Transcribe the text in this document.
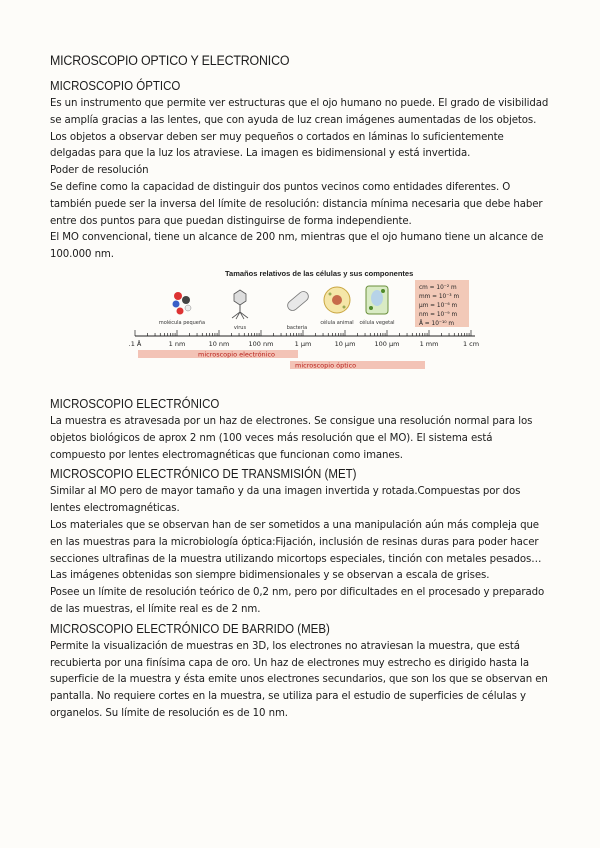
MICROSCOPIO OPTICO Y ELECTRONICO
MICROSCOPIO ÓPTICO

Es un instrumento que permite ver estructuras que el ojo humano no puede. El grado de visibilidad se amplía gracias a las lentes, que con ayuda de luz crean imágenes aumentadas de los objetos. Los objetos a observar deben ser muy pequeños o cortados en láminas lo suficientemente delgadas para que la luz los atraviese. La imagen es bidimensional y está invertida.

Poder de resolución

Se define como la capacidad de distinguir dos puntos vecinos como entidades diferentes. O también puede ser la inversa del límite de resolución: distancia mínima necesaria que debe haber entre dos puntos para que puedan distinguirse de forma independiente.

El MO convencional, tiene un alcance de 200 nm, mientras que el ojo humano tiene un alcance de 100.000 nm.

Tamaños relativos de las células y sus componentes
molécula pequeña
virus	bacteria
célula animal célula vegetal
cm = 10⁻² m
mm = 10⁻³ m
µm = 10⁻⁶ m
nm = 10⁻⁹ m
Å = 10⁻¹⁰ m
.1 Å	1 nm	10 nm	100 nm	1 µm	10 µm	100 µm	1 mm	1 cm
microscopio electrónico
microscopio óptico
MICROSCOPIO ELECTRÓNICO

La muestra es atravesada por un haz de electrones. Se consigue una resolución normal para los objetos biológicos de aprox 2 nm (100 veces más resolución que el MO). El sistema está compuesto por lentes electromagnéticas que funcionan como imanes.

MICROSCOPIO ELECTRÓNICO DE TRANSMISIÓN (MET)

Similar al MO pero de mayor tamaño y da una imagen invertida y rotada.Compuestas por dos lentes electromagnéticas.

Los materiales que se observan han de ser sometidos a una manipulación aún más compleja que en las muestras para la microbiología óptica:Fijación, inclusión de resinas duras para poder hacer secciones ultrafinas de la muestra utilizando micortops especiales, tinción con metales pesados… Las imágenes obtenidas son siempre bidimensionales y se observan a escala de grises.

Posee un límite de resolución teórico de 0,2 nm, pero por dificultades en el procesado y preparado de las muestras, el límite real es de 2 nm.

MICROSCOPIO ELECTRÓNICO DE BARRIDO (MEB)

Permite la visualización de muestras en 3D, los electrones no atraviesan la muestra, que está recubierta por una finísima capa de oro. Un haz de electrones muy estrecho es dirigido hasta la superficie de la muestra y ésta emite unos electrones secundarios, que son los que se observan en pantalla. No requiere cortes en la muestra, se utiliza para el estudio de superficies de células y organelos. Su límite de resolución es de 10 nm.
